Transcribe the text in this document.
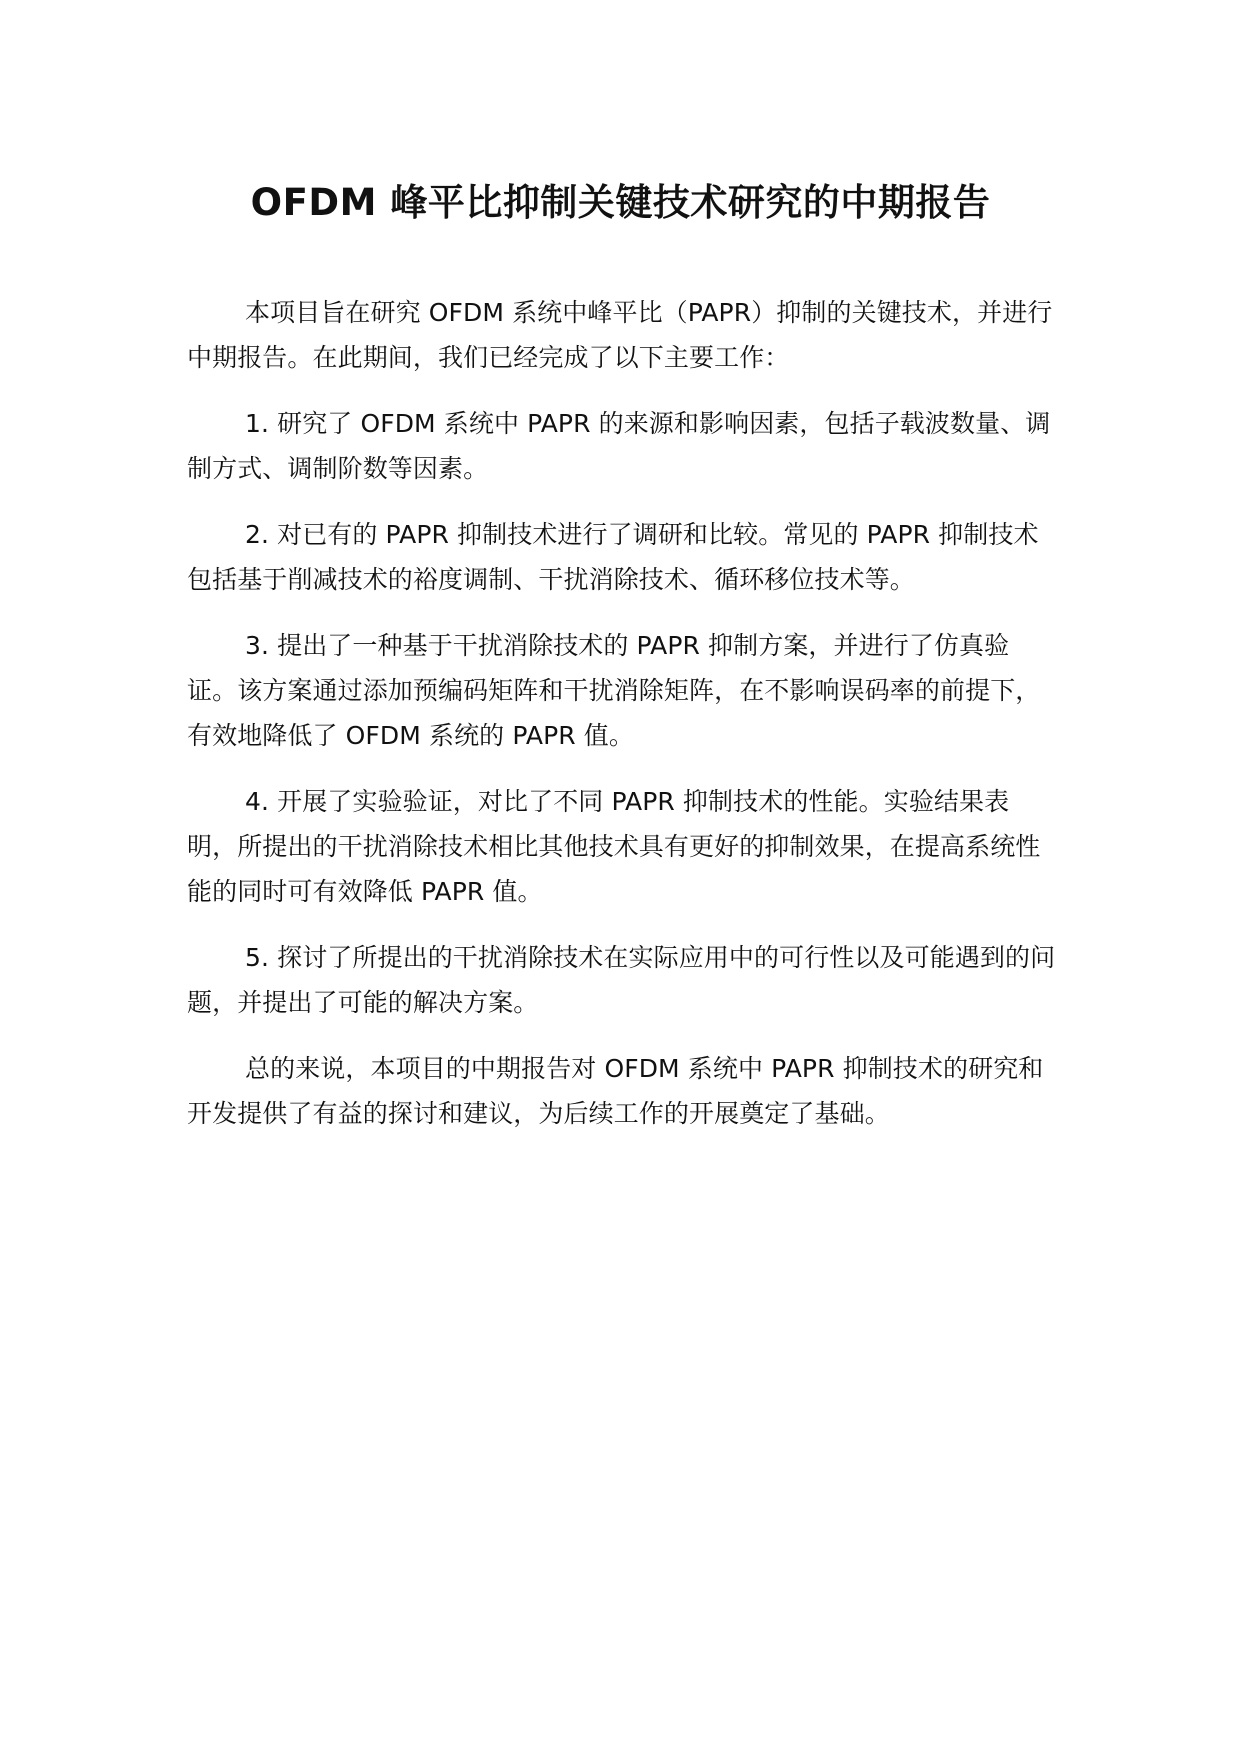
OFDM 峰平比抑制关键技术研究的中期报告

本项目旨在研究 OFDM 系统中峰平比（PAPR）抑制的关键技术，并进行中期报告。在此期间，我们已经完成了以下主要工作：

1. 研究了 OFDM 系统中 PAPR 的来源和影响因素，包括子载波数量、调制方式、调制阶数等因素。

2. 对已有的 PAPR 抑制技术进行了调研和比较。常见的 PAPR 抑制技术包括基于削减技术的裕度调制、干扰消除技术、循环移位技术等。

3. 提出了一种基于干扰消除技术的 PAPR 抑制方案，并进行了仿真验证。该方案通过添加预编码矩阵和干扰消除矩阵，在不影响误码率的前提下，有效地降低了 OFDM 系统的 PAPR 值。

4. 开展了实验验证，对比了不同 PAPR 抑制技术的性能。实验结果表明，所提出的干扰消除技术相比其他技术具有更好的抑制效果，在提高系统性能的同时可有效降低 PAPR 值。

5. 探讨了所提出的干扰消除技术在实际应用中的可行性以及可能遇到的问题，并提出了可能的解决方案。

总的来说，本项目的中期报告对 OFDM 系统中 PAPR 抑制技术的研究和开发提供了有益的探讨和建议，为后续工作的开展奠定了基础。
